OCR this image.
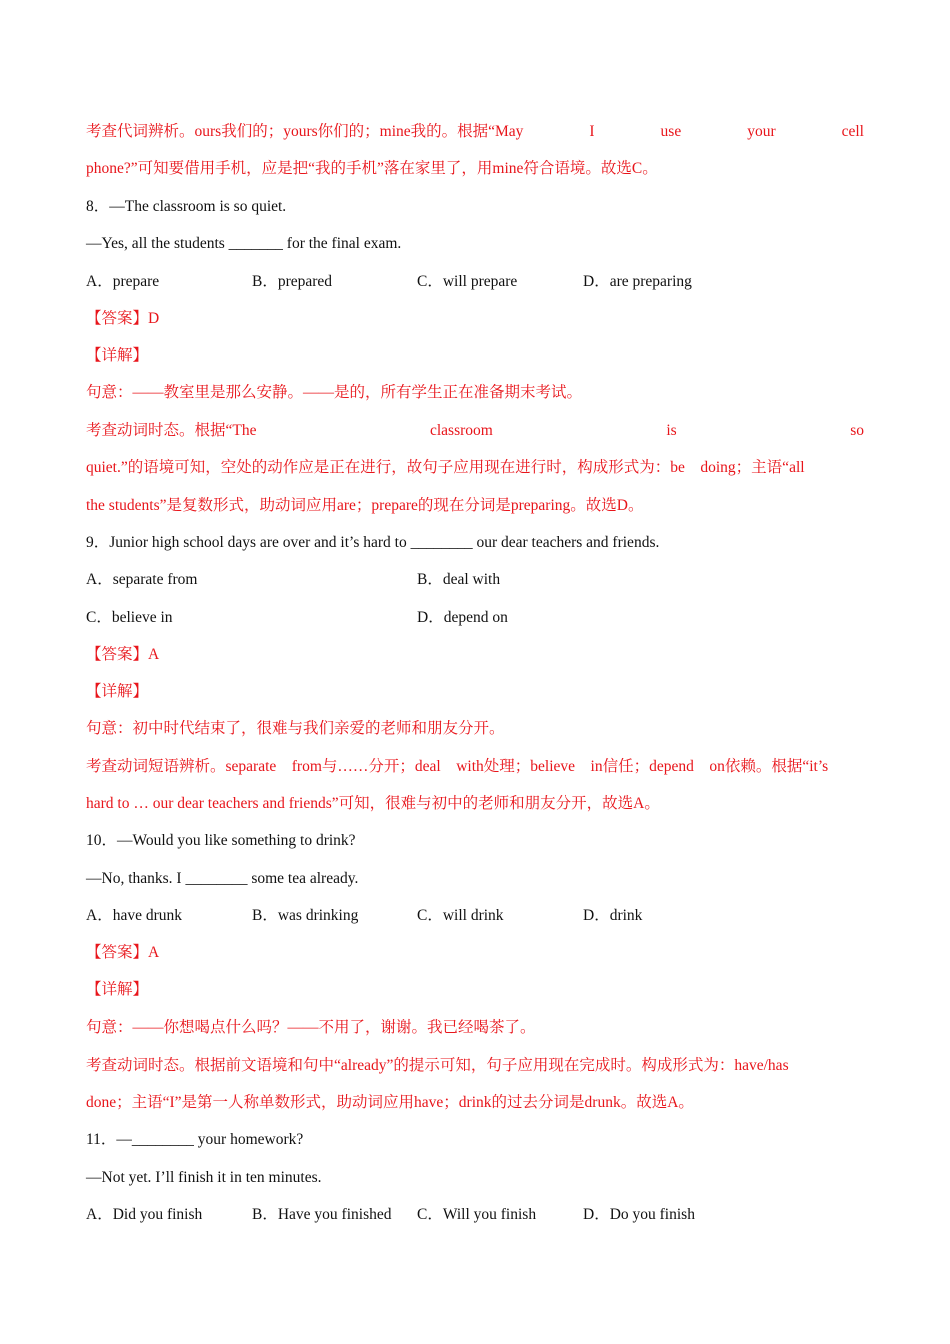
考查代词辨析。ours我们的；yours你们的；mine我的。根据“May	I	use	your	cell
phone?”可知要借用手机，应是把“我的手机”落在家里了，用mine符合语境。故选C。
8．—The classroom is so quiet.
—Yes, all the students _______ for the final exam.
A．prepare	B．prepared	C．will prepare	D．are preparing
【答案】D
【详解】
句意：——教室里是那么安静。——是的，所有学生正在准备期末考试。
考查动词时态。根据“The	classroom	is	so
quiet.”的语境可知，空处的动作应是正在进行，故句子应用现在进行时，构成形式为：be　doing；主语“all
the students”是复数形式，助动词应用are；prepare的现在分词是preparing。故选D。
9．Junior high school days are over and it’s hard to ________ our dear teachers and friends.
A．separate from	B．deal with
C．believe in	D．depend on
【答案】A
【详解】
句意：初中时代结束了，很难与我们亲爱的老师和朋友分开。
考查动词短语辨析。separate　from与……分开；deal　with处理；believe　in信任；depend　on依赖。根据“it’s
hard to … our dear teachers and friends”可知，很难与初中的老师和朋友分开，故选A。
10．—Would you like something to drink?
—No, thanks. I ________ some tea already.
A．have drunk	B．was drinking	C．will drink	D．drink
【答案】A
【详解】
句意：——你想喝点什么吗？——不用了，谢谢。我已经喝茶了。
考查动词时态。根据前文语境和句中“already”的提示可知，句子应用现在完成时。构成形式为：have/has
done；主语“I”是第一人称单数形式，助动词应用have；drink的过去分词是drunk。故选A。
11．—________ your homework?
—Not yet. I’ll finish it in ten minutes.
A．Did you finish	B．Have you finished C．Will you finish	D．Do you finish
